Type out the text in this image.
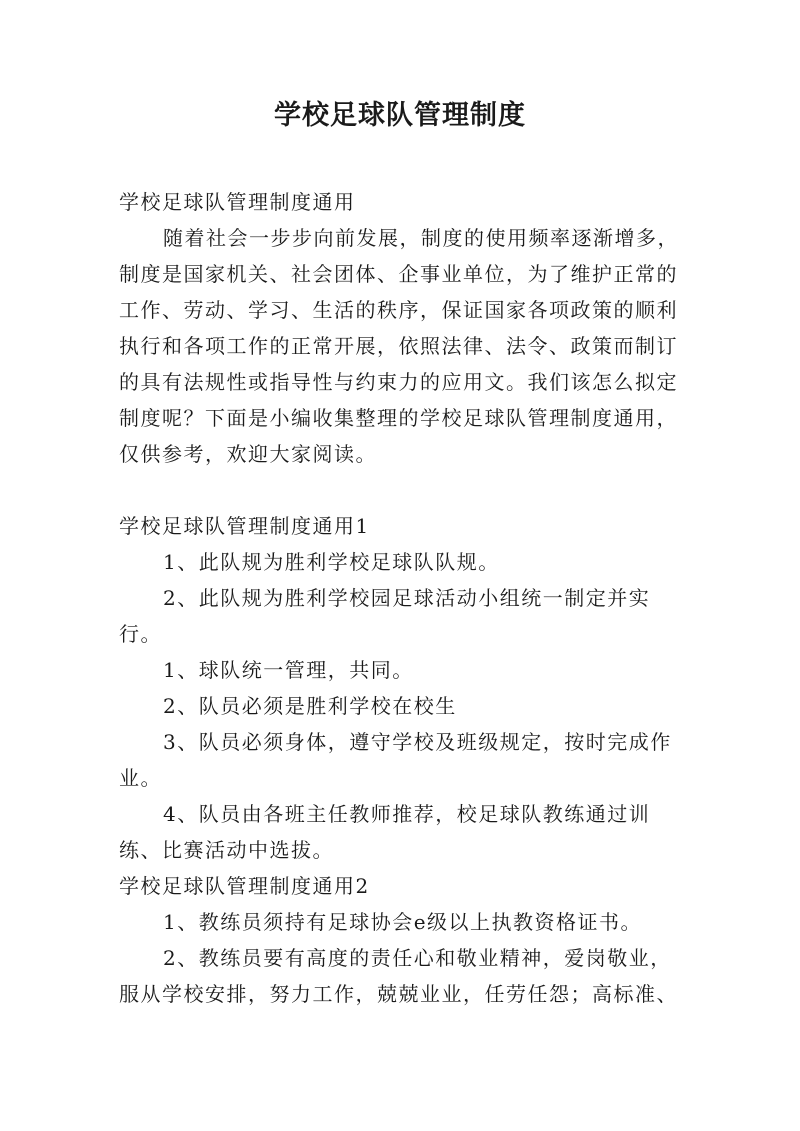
学校足球队管理制度

学校足球队管理制度通用

随着社会一步步向前发展，制度的使用频率逐渐增多，制度是国家机关、社会团体、企事业单位，为了维护正常的工作、劳动、学习、生活的秩序，保证国家各项政策的顺利执行和各项工作的正常开展，依照法律、法令、政策而制订的具有法规性或指导性与约束力的应用文。我们该怎么拟定制度呢？下面是小编收集整理的学校足球队管理制度通用，仅供参考，欢迎大家阅读。

学校足球队管理制度通用1

1、此队规为胜利学校足球队队规。

2、此队规为胜利学校园足球活动小组统一制定并实行。

1、球队统一管理，共同。

2、队员必须是胜利学校在校生

3、队员必须身体，遵守学校及班级规定，按时完成作业。

4、队员由各班主任教师推荐，校足球队教练通过训练、比赛活动中选拔。

学校足球队管理制度通用2

1、教练员须持有足球协会e级以上执教资格证书。

2、教练员要有高度的责任心和敬业精神，爱岗敬业，服从学校安排，努力工作，兢兢业业，任劳任怨；高标准、
